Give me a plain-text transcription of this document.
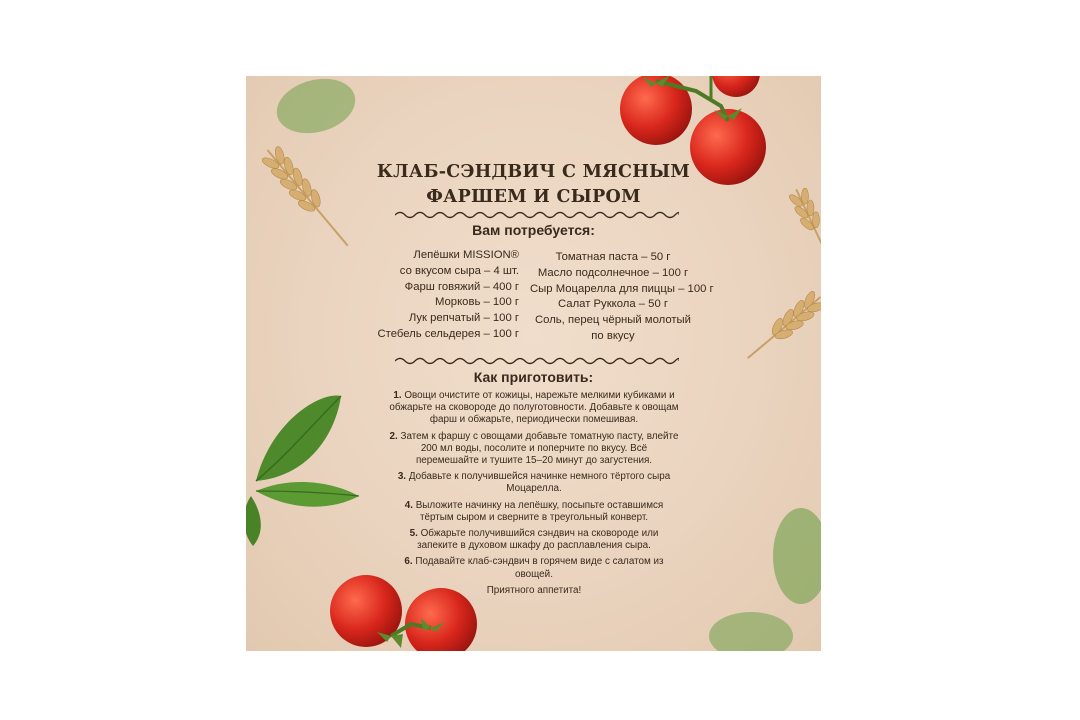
КЛАБ-СЭНДВИЧ С МЯСНЫМ
ФАРШЕМ И СЫРОМ
Вам потребуется:
Лепёшки MISSION®
со вкусом сыра – 4 шт.
Фарш говяжий – 400 г
Морковь – 100 г
Лук репчатый – 100 г
Стебель сельдерея – 100 г
Томатная паста – 50 г
Масло подсолнечное – 100 г
Сыр Моцарелла для пиццы – 100 г
Салат Руккола – 50 г
Соль, перец чёрный молотый
по вкусу
Как приготовить:
1. Овощи очистите от кожицы, нарежьте мелкими кубиками и обжарьте на сковороде до полуготовности. Добавьте к овощам фарш и обжарьте, периодически помешивая.
2. Затем к фаршу с овощами добавьте томатную пасту, влейте 200 мл воды, посолите и поперчите по вкусу. Всё перемешайте и тушите 15–20 минут до загустения.
3. Добавьте к получившейся начинке немного тёртого сыра Моцарелла.
4. Выложите начинку на лепёшку, посыпьте оставшимся тёртым сыром и сверните в треугольный конверт.
5. Обжарьте получившийся сэндвич на сковороде или запеките в духовом шкафу до расплавления сыра.
6. Подавайте клаб-сэндвич в горячем виде с салатом из овощей.
Приятного аппетита!
